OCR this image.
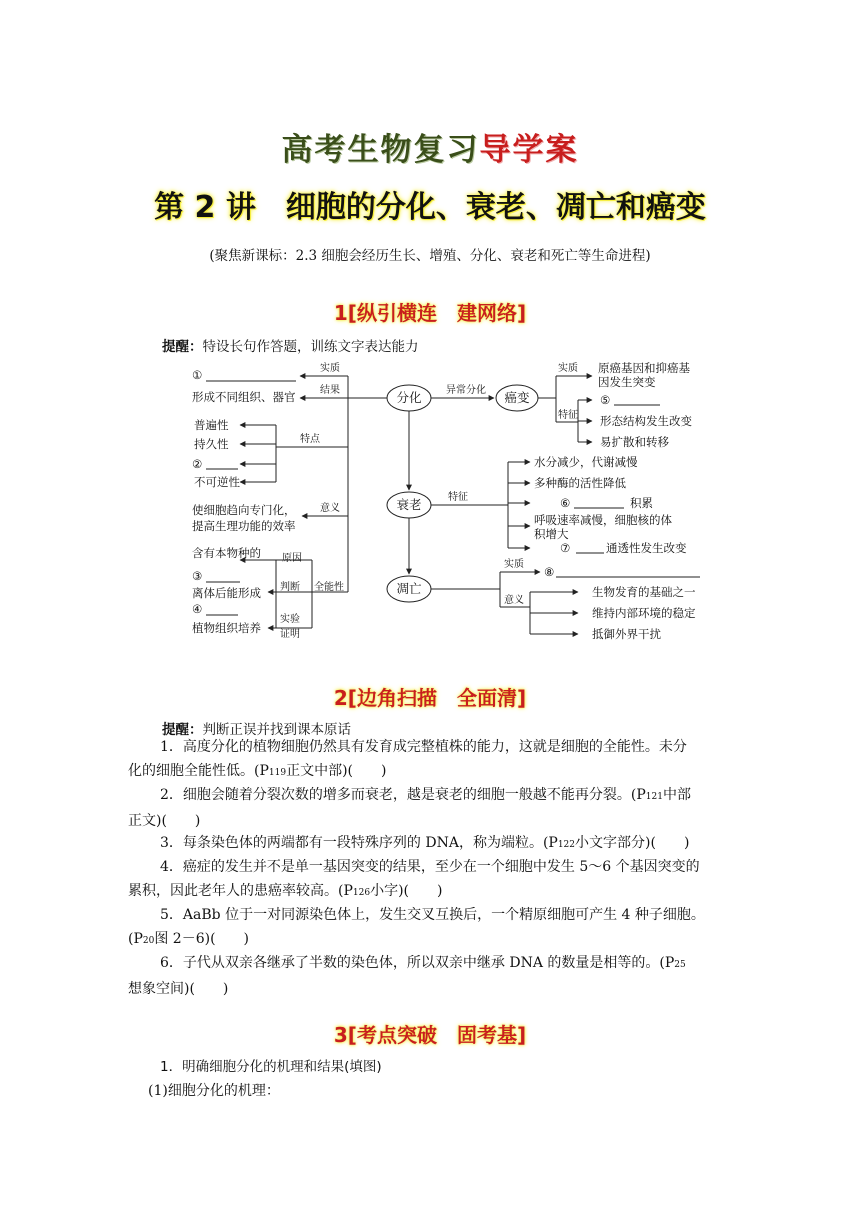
高考生物复习导学案
第 2 讲　细胞的分化、衰老、凋亡和癌变
(聚焦新课标：2.3 细胞会经历生长、增殖、分化、衰老和死亡等生命进程)
1[纵引横连　建网络]
提醒：特设长句作答题，训练文字表达能力
分化	癌变
衰老
凋亡
实质
结果
①
形成不同组织、器官
特点
普遍性
持久性
②
不可逆性
意义
使细胞趋向专门化，
提高生理功能的效率
全能性
原因
含有本物种的
③
判断
离体后能形成
④
实验
证明
植物组织培养
异常分化
实质 原癌基因和抑癌基
因发生突变
特征
⑤
形态结构发生改变
易扩散和转移
特征
水分减少，代谢减慢
多种酶的活性降低
⑥	积累
呼吸速率减慢，细胞核的体
积增大
⑦	通透性发生改变
实质
⑧
意义
生物发育的基础之一
维持内部环境的稳定
抵御外界干扰
2[边角扫描　全面清]
提醒：判断正误并找到课本原话
1．高度分化的植物细胞仍然具有发育成完整植株的能力，这就是细胞的全能性。未分
化的细胞全能性低。(P119正文中部)(　　)
2．细胞会随着分裂次数的增多而衰老，越是衰老的细胞一般越不能再分裂。(P121中部
正文)(　　)
3．每条染色体的两端都有一段特殊序列的 DNA，称为端粒。(P122小文字部分)(　　)
4．癌症的发生并不是单一基因突变的结果，至少在一个细胞中发生 5～6 个基因突变的
累积，因此老年人的患癌率较高。(P126小字)(　　)
5．AaBb 位于一对同源染色体上，发生交叉互换后，一个精原细胞可产生 4 种子细胞。
(P20图 2－6)(　　)
6．子代从双亲各继承了半数的染色体，所以双亲中继承 DNA 的数量是相等的。(P25
想象空间)(　　)
3[考点突破　固考基]
1．明确细胞分化的机理和结果(填图)
(1)细胞分化的机理：
